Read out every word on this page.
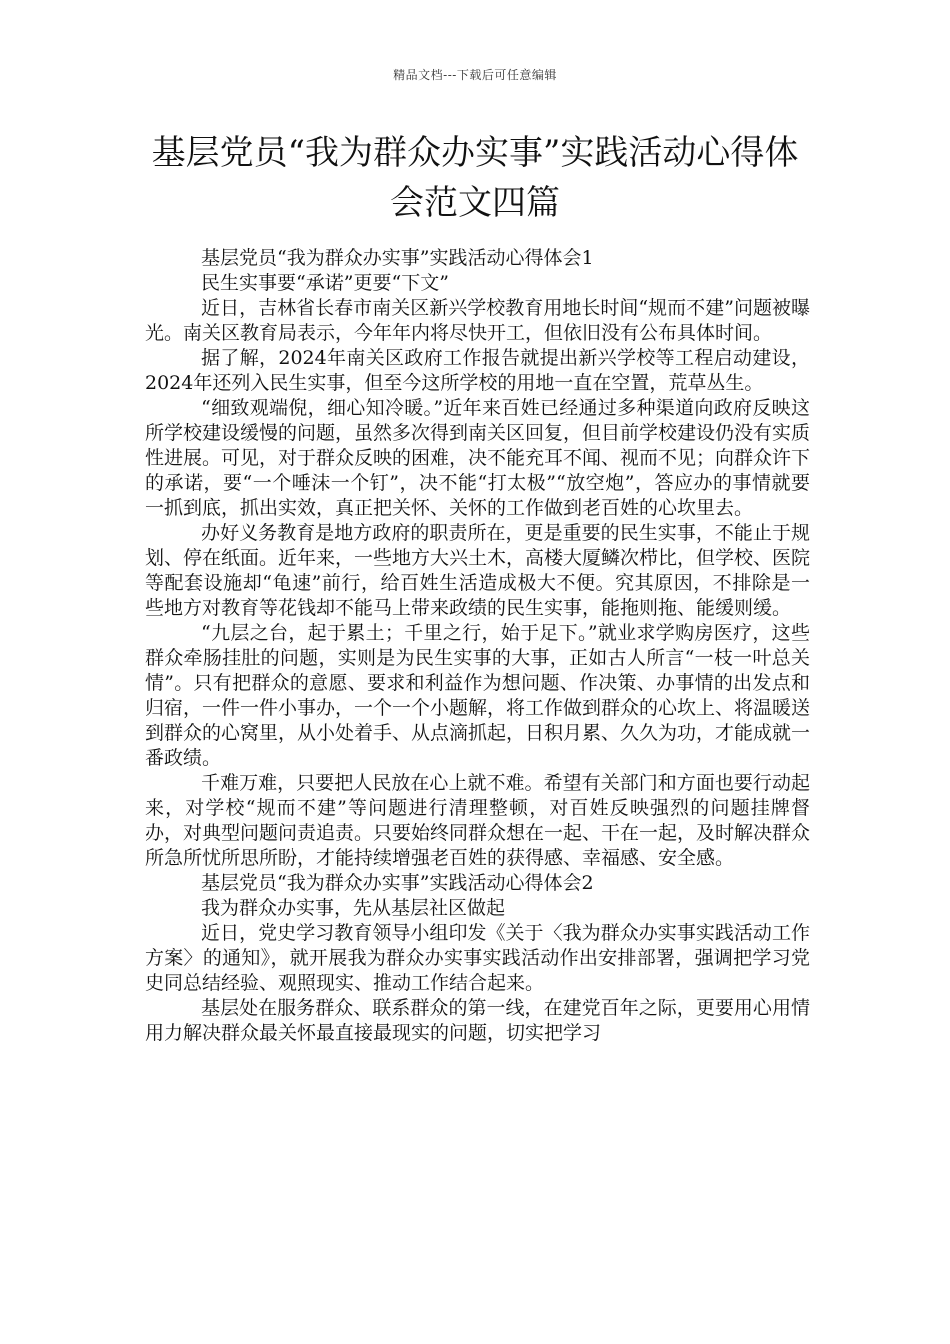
精品文档---下载后可任意编辑
基层党员“我为群众办实事”实践活动心得体会范文四篇

基层党员“我为群众办实事”实践活动心得体会1

民生实事要“承诺”更要“下文”

近日，吉林省长春市南关区新兴学校教育用地长时间“规而不建”问题被曝光。南关区教育局表示，今年年内将尽快开工，但依旧没有公布具体时间。

据了解，2024年南关区政府工作报告就提出新兴学校等工程启动建设，2024年还列入民生实事，但至今这所学校的用地一直在空置，荒草丛生。

“细致观端倪，细心知冷暖。”近年来百姓已经通过多种渠道向政府反映这所学校建设缓慢的问题，虽然多次得到南关区回复，但目前学校建设仍没有实质性进展。可见，对于群众反映的困难，决不能充耳不闻、视而不见；向群众许下的承诺，要“一个唾沫一个钉”，决不能“打太极”“放空炮”，答应办的事情就要一抓到底，抓出实效，真正把关怀、关怀的工作做到老百姓的心坎里去。

办好义务教育是地方政府的职责所在，更是重要的民生实事，不能止于规划、停在纸面。近年来，一些地方大兴土木，高楼大厦鳞次栉比，但学校、医院等配套设施却“龟速”前行，给百姓生活造成极大不便。究其原因，不排除是一些地方对教育等花钱却不能马上带来政绩的民生实事，能拖则拖、能缓则缓。

“九层之台，起于累土；千里之行，始于足下。”就业求学购房医疗，这些群众牵肠挂肚的问题，实则是为民生实事的大事，正如古人所言“一枝一叶总关情”。只有把群众的意愿、要求和利益作为想问题、作决策、办事情的出发点和归宿，一件一件小事办，一个一个小题解，将工作做到群众的心坎上、将温暖送到群众的心窝里，从小处着手、从点滴抓起，日积月累、久久为功，才能成就一番政绩。

千难万难，只要把人民放在心上就不难。希望有关部门和方面也要行动起来，对学校“规而不建”等问题进行清理整顿，对百姓反映强烈的问题挂牌督办，对典型问题问责追责。只要始终同群众想在一起、干在一起，及时解决群众所急所忧所思所盼，才能持续增强老百姓的获得感、幸福感、安全感。

基层党员“我为群众办实事”实践活动心得体会2

我为群众办实事，先从基层社区做起

近日，党史学习教育领导小组印发《关于〈我为群众办实事实践活动工作方案〉的通知》，就开展我为群众办实事实践活动作出安排部署，强调把学习党史同总结经验、观照现实、推动工作结合起来。

基层处在服务群众、联系群众的第一线，在建党百年之际，更要用心用情用力解决群众最关怀最直接最现实的问题，切实把学习
